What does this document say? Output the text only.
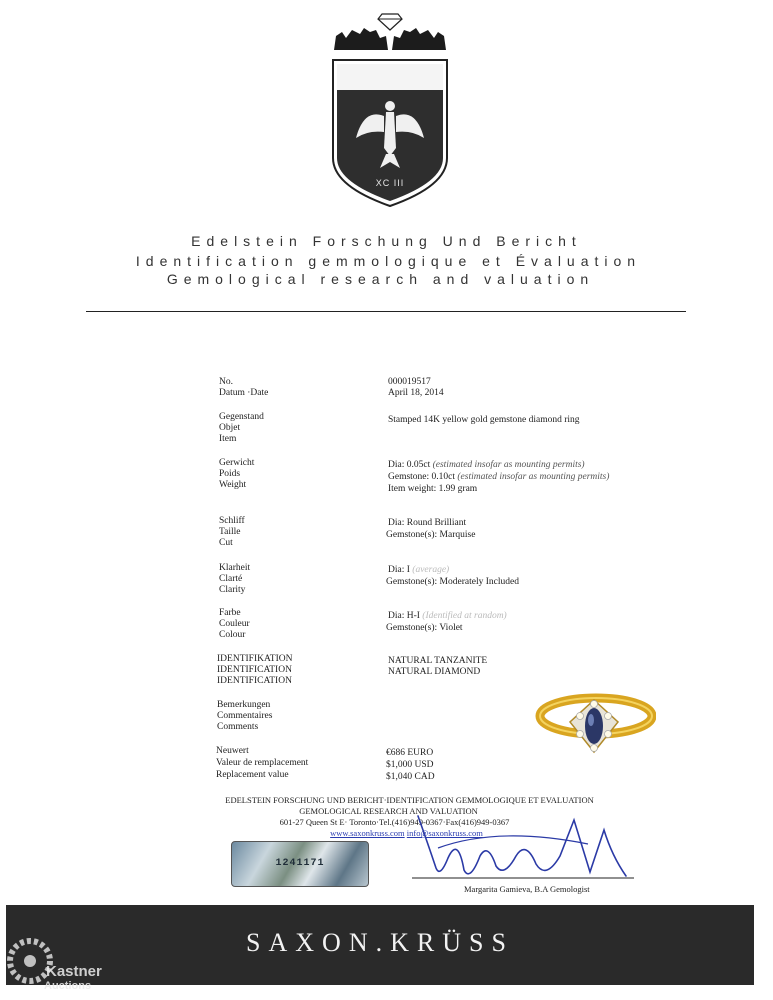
XC III
Edelstein Forschung Und Bericht
Identification gemmologique et Évaluation
Gemological research and valuation
No.
Datum ·Date
000019517
April 18, 2014
Gegenstand
Objet
Item
Stamped 14K yellow gold gemstone diamond ring
Gerwicht
Poids
Weight
Dia: 0.05ct (estimated insofar as mounting permits)
Gemstone: 0.10ct (estimated insofar as mounting permits)
Item weight: 1.99 gram
Schliff
Taille
Cut
Dia: Round Brilliant
Gemstone(s): Marquise
Klarheit
Clarté
Clarity
Dia: I (average)
Gemstone(s): Moderately Included
Farbe
Couleur
Colour
Dia: H-I (Identified at random)
Gemstone(s): Violet
IDENTIFIKATION
IDENTIFICATION
IDENTIFICATION
NATURAL TANZANITE
NATURAL DIAMOND
Bemerkungen
Commentaires
Comments
Neuwert
Valeur de remplacement
Replacement value
€686 EURO
$1,000 USD
$1,040 CAD
EDELSTEIN FORSCHUNG UND BERICHT·IDENTIFICATION GEMMOLOGIQUE ET EVALUATION
GEMOLOGICAL RESEARCH AND VALUATION
601-27 Queen St E· Toronto·Tel.(416)949-0367·Fax(416)949-0367
www.saxonkruss.com info@saxonkruss.com
1241171
Margarita Gamieva, B.A Gemologist
SAXON.KRÜSS
Kastner
Auctions
